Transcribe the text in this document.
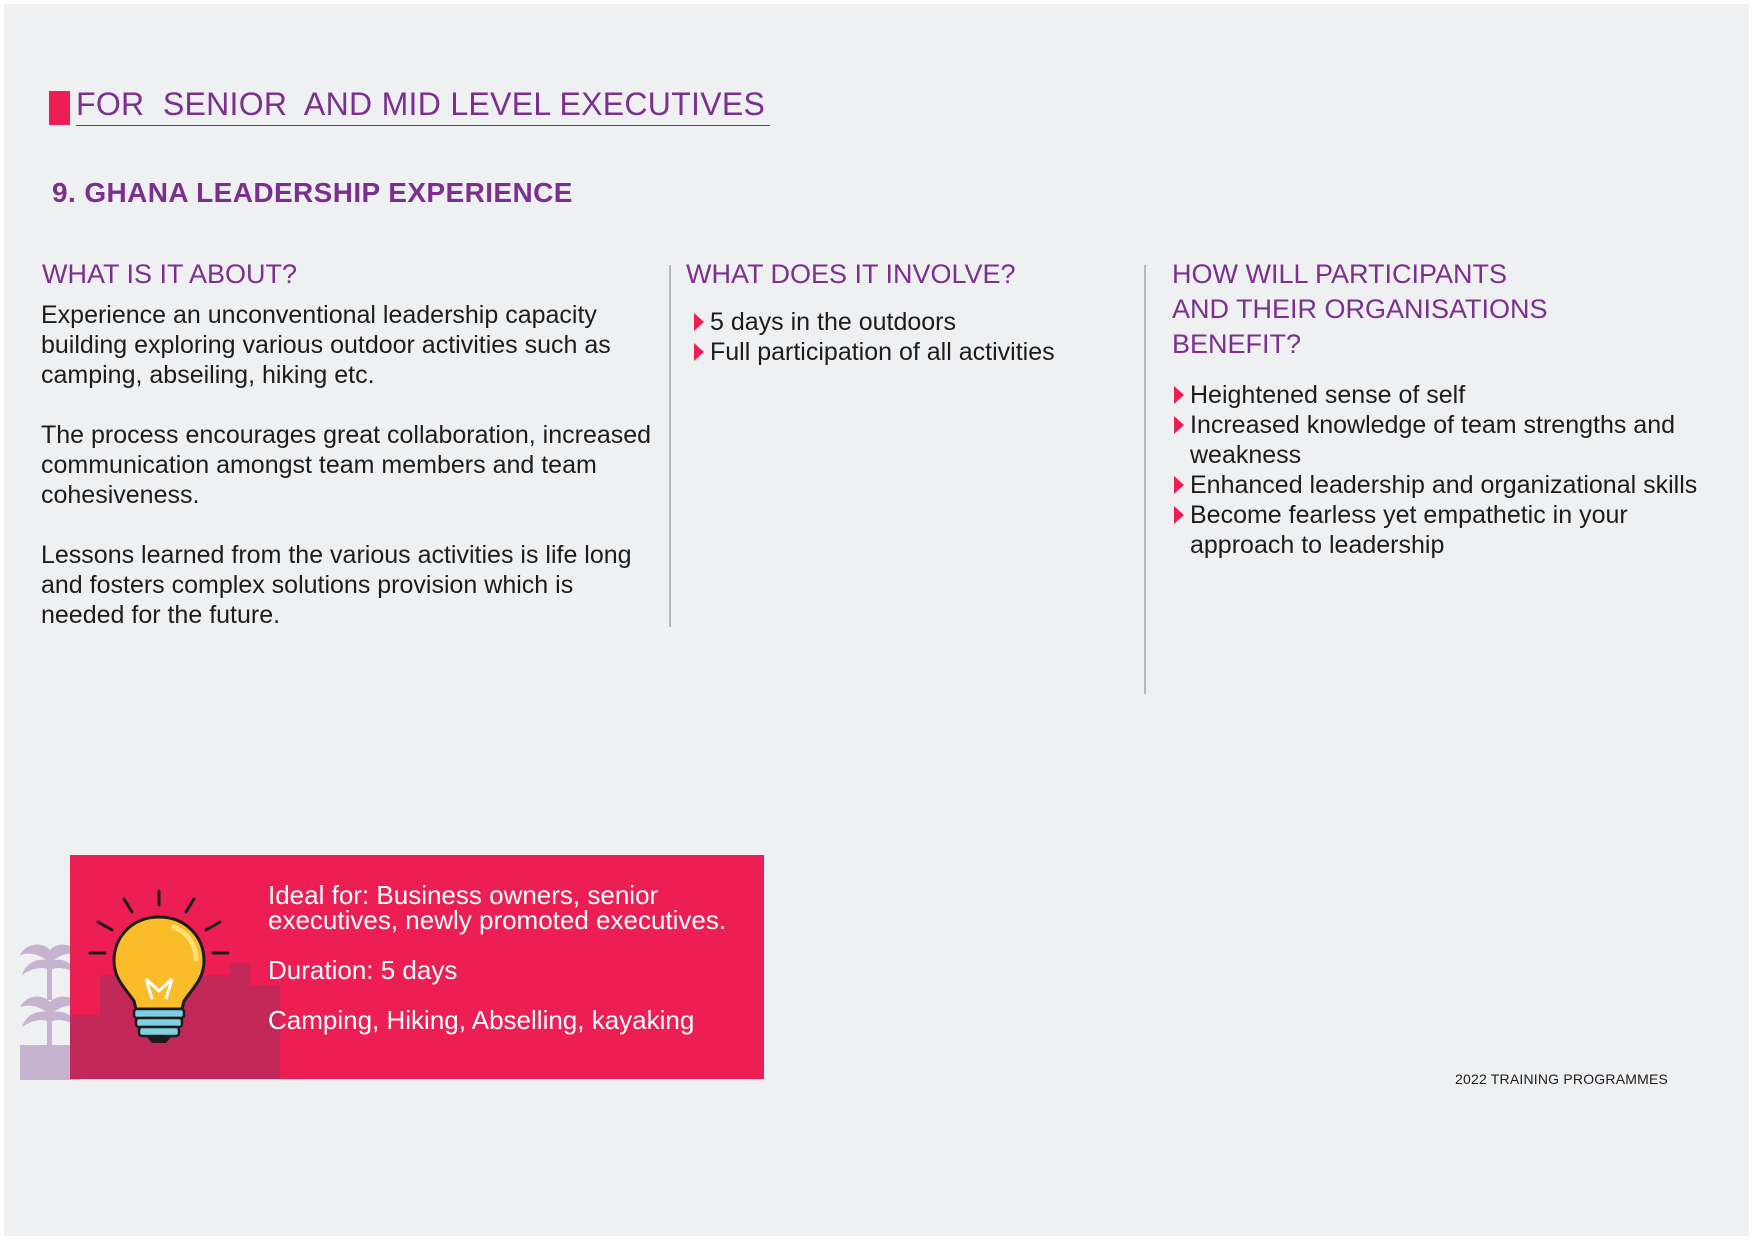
FOR  SENIOR  AND MID LEVEL EXECUTIVES
9. GHANA LEADERSHIP EXPERIENCE
WHAT IS IT ABOUT?

Experience an unconventional leadership capacity building exploring various outdoor activities such as camping, abseiling, hiking etc.

The process encourages great collaboration, increased communication amongst team members and team cohesiveness.

Lessons learned from the various activities is life long and fosters complex solutions provision which is needed for the future.

WHAT DOES IT INVOLVE?
5 days in the outdoors
Full participation of all activities
HOW WILL PARTICIPANTS
AND THEIR ORGANISATIONS
BENEFIT?
Heightened sense of self
Increased knowledge of team strengths and weakness
Enhanced leadership and organizational skills
Become fearless yet empathetic in your approach to leadership
Ideal for: Business owners, senior executives, newly promoted executives.
Duration: 5 days
Camping, Hiking, Abselling, kayaking
2022 TRAINING PROGRAMMES
